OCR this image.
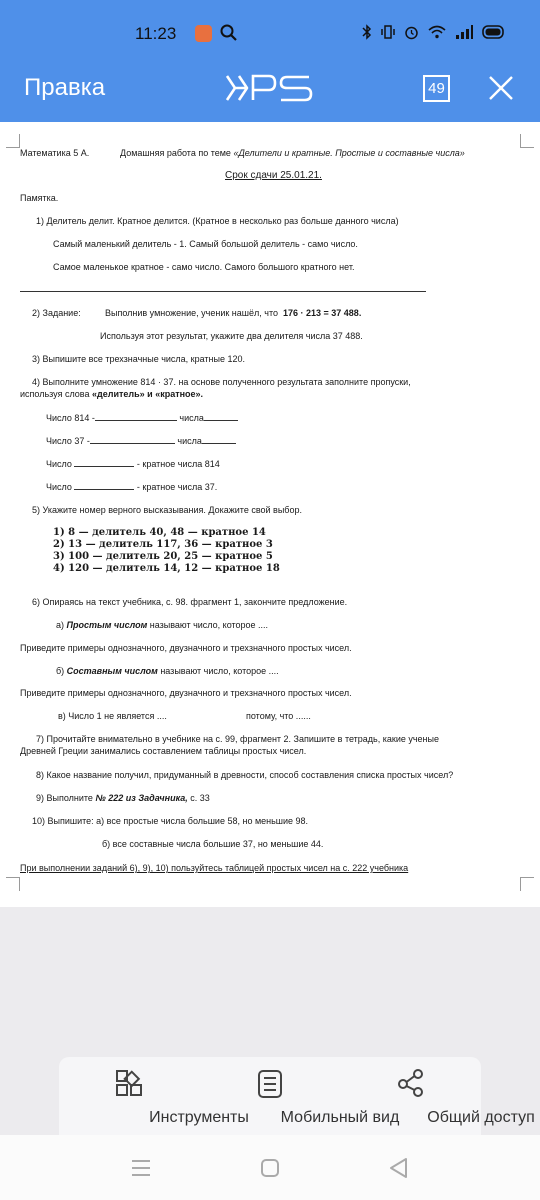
11:23
Правка	49
Математика 5 А.	Домашняя работа по теме «Делители и кратные. Простые и составные числа»
Срок сдачи 25.01.21.
Памятка.
1) Делитель делит. Кратное делится. (Кратное в несколько раз больше данного числа)
Самый маленький делитель - 1. Самый большой делитель - само число.
Самое маленькое кратное - само число. Самого большого кратного нет.
2) Задание:	Выполнив умножение, ученик нашёл, что 176 · 213 = 37 488.
Используя этот результат, укажите два делителя числа 37 488.
3) Выпишите все трехзначные числа, кратные 120.
4) Выполните умножение 814 · 37. на основе полученного результата заполните пропуски,
используя слова «делитель» и «кратное».
Число 814 -	числа
Число 37 -	числа
Число	- кратное числа 814
Число	- кратное числа 37.
5) Укажите номер верного высказывания. Докажите свой выбор.
1) 8 — делитель 40, 48 — кратное 14
2) 13 — делитель 117, 36 — кратное 3
3) 100 — делитель 20, 25 — кратное 5
4) 120 — делитель 14, 12 — кратное 18
6) Опираясь на текст учебника, с. 98. фрагмент 1, закончите предложение.
а) Простым числом называют число, которое ....
Приведите примеры однозначного, двузначного и трехзначного простых чисел.
б) Составным числом называют число, которое ....
Приведите примеры однозначного, двузначного и трехзначного простых чисел.
в) Число 1 не является ....	потому, что ......
7) Прочитайте внимательно в учебнике на с. 99, фрагмент 2. Запишите в тетрадь, какие ученые
Древней Греции занимались составлением таблицы простых чисел.
8) Какое название получил, придуманный в древности, способ составления списка простых чисел?
9) Выполните № 222 из Задачника, с. 33
10) Выпишите: а) все простые числа большие 58, но меньшие 98.
б) все составные числа большие 37, но меньшие 44.
При выполнении заданий 6), 9), 10) пользуйтесь таблицей простых чисел на с. 222 учебника
Инструменты	Мобильный вид	Общий доступ
